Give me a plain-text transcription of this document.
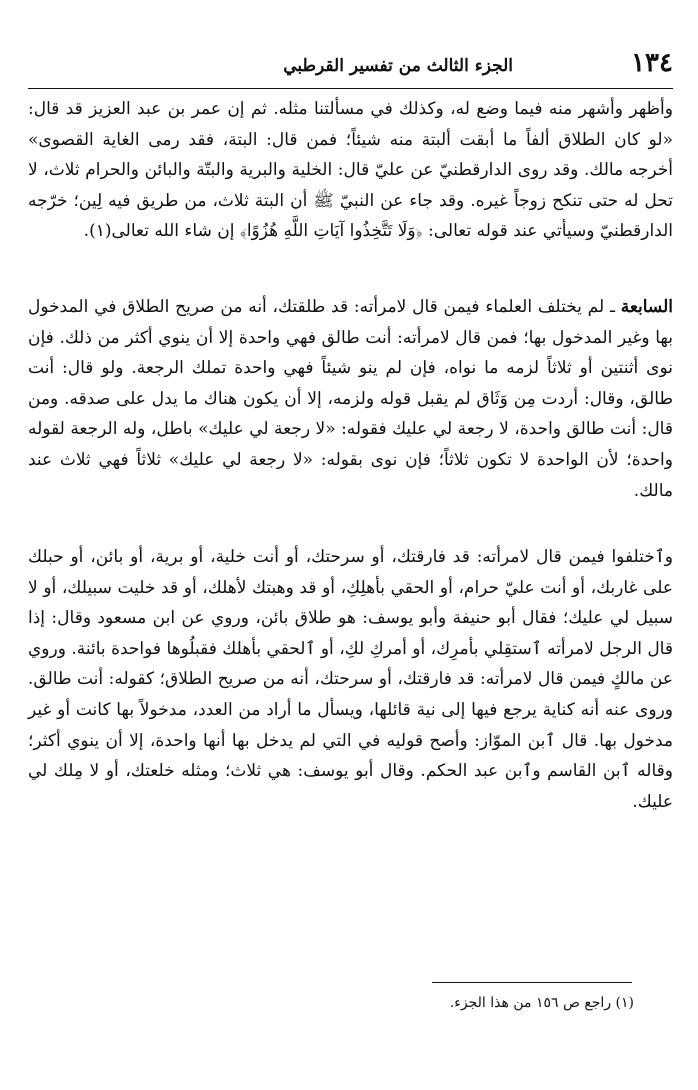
١٣٤
الجزء الثالث من تفسير القرطبي

وأظهر وأشهر منه فيما وضع له، وكذلك في مسألتنا مثله. ثم إن عمر بن عبد العزيز قد قال: «لو كان الطلاق ألفاً ما أبقت ألبتة منه شيئاً؛ فمن قال: البتة، فقد رمى الغاية القصوى» أخرجه مالك. وقد روى الدارقطنيّ عن عليّ قال: الخلية والبرية والبتّة والبائن والحرام ثلاث، لا تحل له حتى تنكح زوجاً غيره. وقد جاء عن النبيّ ﷺ أن البتة ثلاث، من طريق فيه لِين؛ خرّجه الدارقطنيّ وسيأتي عند قوله تعالى: ﴿وَلَا تَتَّخِذُوا آيَاتِ اللَّهِ هُزُوًا﴾ إن شاء الله تعالى(١).

السابعة ـ لم يختلف العلماء فيمن قال لامرأته: قد طلقتك، أنه من صريح الطلاق في المدخول بها وغير المدخول بها؛ فمن قال لامرأته: أنت طالق فهي واحدة إلا أن ينوي أكثر من ذلك. فإن نوى أثنتين أو ثلاثاً لزمه ما نواه، فإن لم ينو شيئاً فهي واحدة تملك الرجعة. ولو قال: أنت طالق، وقال: أردت مِن وَثَاق لم يقبل قوله ولزمه، إلا أن يكون هناك ما يدل على صدقه. ومن قال: أنت طالق واحدة، لا رجعة لي عليك فقوله: «لا رجعة لي عليك» باطل، وله الرجعة لقوله واحدة؛ لأن الواحدة لا تكون ثلاثاً؛ فإن نوى بقوله: «لا رجعة لي عليك» ثلاثاً فهي ثلاث عند مالك.

وٱختلفوا فيمن قال لامرأته: قد فارقتك، أو سرحتك، أو أنت خلية، أو برية، أو بائن، أو حبلك على غاربك، أو أنت عليّ حرام، أو الحقي بأهلِكِ، أو قد وهبتك لأهلك، أو قد خليت سبيلك، أو لا سبيل لي عليك؛ فقال أبو حنيفة وأبو يوسف: هو طلاق بائن، وروي عن ابن مسعود وقال: إذا قال الرجل لامرأته ٱستقِلي بأمرِك، أو أمركِ لكِ، أو ٱلحقي بأهلك فقبلُوها فواحدة بائنة. وروي عن مالكٍ فيمن قال لامرأته: قد فارقتك، أو سرحتك، أنه من صريح الطلاق؛ كقوله: أنت طالق. وروى عنه أنه كناية يرجع فيها إلى نية قائلها، ويسأل ما أراد من العدد، مدخولاً بها كانت أو غير مدخول بها. قال ٱبن الموّاز: وأصح قوليه في التي لم يدخل بها أنها واحدة، إلا أن ينوي أكثر؛ وقاله ٱبن القاسم وٱبن عبد الحكم. وقال أبو يوسف: هي ثلاث؛ ومثله خلعتك، أو لا مِلك لي عليك.

(١) راجع ص ١٥٦ من هذا الجزء.
